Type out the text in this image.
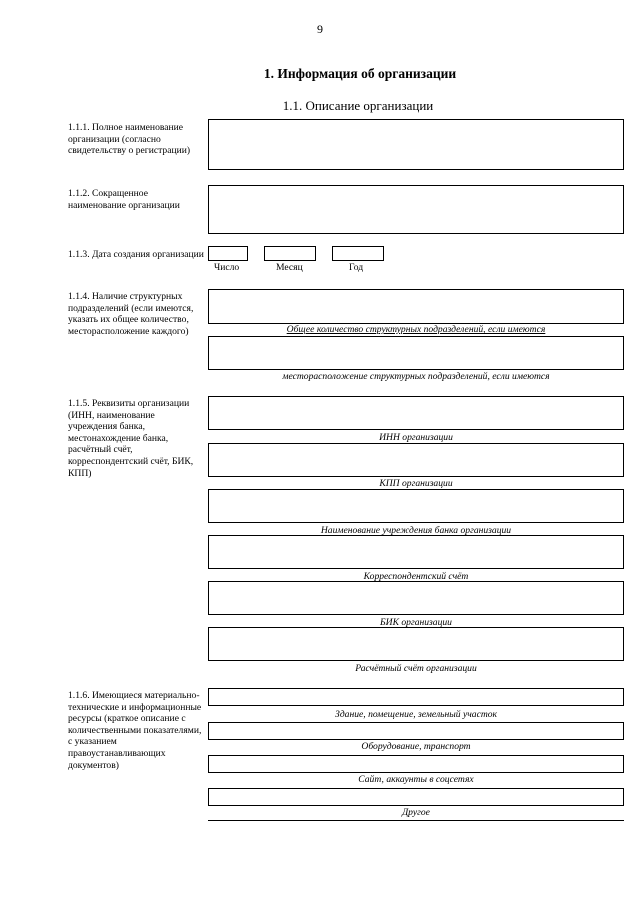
9
1. Информация об организации
1.1. Описание организации
1.1.1. Полное наименование организации (согласно свидетельству о регистрации)
1.1.2. Сокращенное наименование организации
1.1.3. Дата создания организации
Число	Месяц	Год
1.1.4. Наличие структурных подразделений (если имеются, указать их общее количество, месторасположение каждого)	Общее количество структурных подразделений, если имеются
месторасположение структурных подразделений, если имеются
1.1.5. Реквизиты организации (ИНН, наименование учреждения банка, местонахождение банка, расчётный счёт, корреспондентский счёт, БИК, КПП)
ИНН организации
КПП организации
Наименование учреждения банка организации
Корреспондентский счёт
БИК организации
Расчётный счёт организации
1.1.6. Имеющиеся материально-технические и информационные ресурсы (краткое описание с количественными показателями, с указанием правоустанавливающих документов)
Здание, помещение, земельный участок
Оборудование, транспорт
Сайт, аккаунты в соцсетях
Другое
